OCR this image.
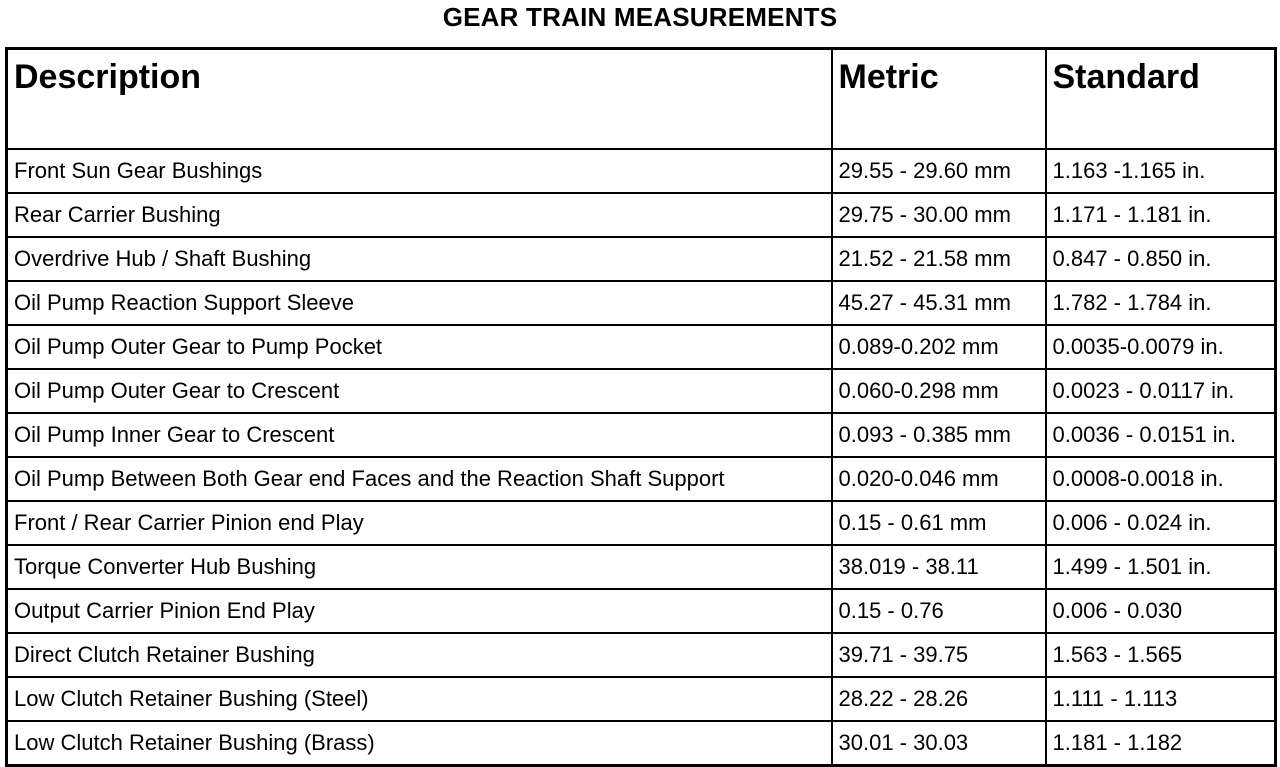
GEAR TRAIN MEASUREMENTS
Description	Metric	Standard
Front Sun Gear Bushings	29.55 - 29.60 mm	1.163 -1.165 in.
Rear Carrier Bushing	29.75 - 30.00 mm	1.171 - 1.181 in.
Overdrive Hub / Shaft Bushing	21.52 - 21.58 mm	0.847 - 0.850 in.
Oil Pump Reaction Support Sleeve	45.27 - 45.31 mm	1.782 - 1.784 in.
Oil Pump Outer Gear to Pump Pocket	0.089-0.202 mm	0.0035-0.0079 in.
Oil Pump Outer Gear to Crescent	0.060-0.298 mm	0.0023 - 0.0117 in.
Oil Pump Inner Gear to Crescent	0.093 - 0.385 mm	0.0036 - 0.0151 in.
Oil Pump Between Both Gear end Faces and the Reaction Shaft Support	0.020-0.046 mm	0.0008-0.0018 in.
Front / Rear Carrier Pinion end Play	0.15 - 0.61 mm	0.006 - 0.024 in.
Torque Converter Hub Bushing	38.019 - 38.11	1.499 - 1.501 in.
Output Carrier Pinion End Play	0.15 - 0.76	0.006 - 0.030
Direct Clutch Retainer Bushing	39.71 - 39.75	1.563 - 1.565
Low Clutch Retainer Bushing (Steel)	28.22 - 28.26	1.111 - 1.113
Low Clutch Retainer Bushing (Brass)	30.01 - 30.03	1.181 - 1.182
